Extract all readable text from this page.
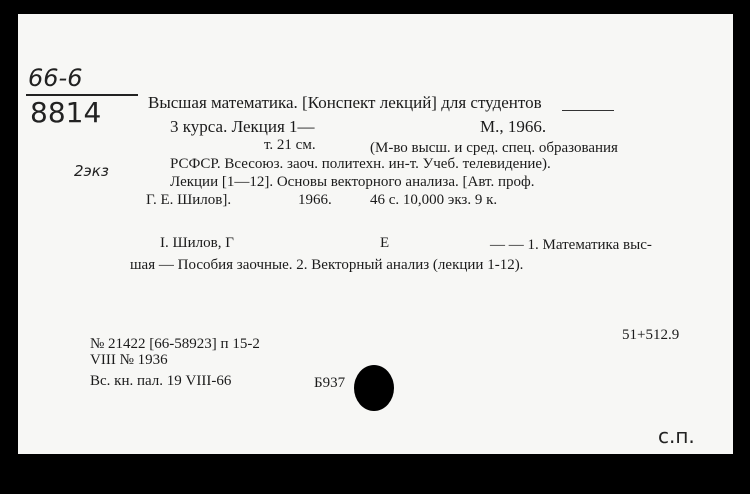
66-6
8814
2экз
Высшая математика. [Конспект лекций] для студентов
3 курса. Лекция 1—	М., 1966.
т. 21 см.	(М-во высш. и сред. спец. образования
РСФСР. Всесоюз. заоч. политехн. ин-т. Учеб. телевидение).
Лекции [1—12]. Основы векторного анализа. [Авт. проф.
Г. Е. Шилов].	1966.	46 с. 10,000 экз. 9 к.
I. Шилов, Г	Е	— — 1. Математика выс-
шая — Пособия заочные. 2. Векторный анализ (лекции 1-12).
№ 21422 [66-58923] п 15-2
VIII № 1936
Вс. кн. пал. 19 VIII-66	Б937
51+512.9
с.п.
